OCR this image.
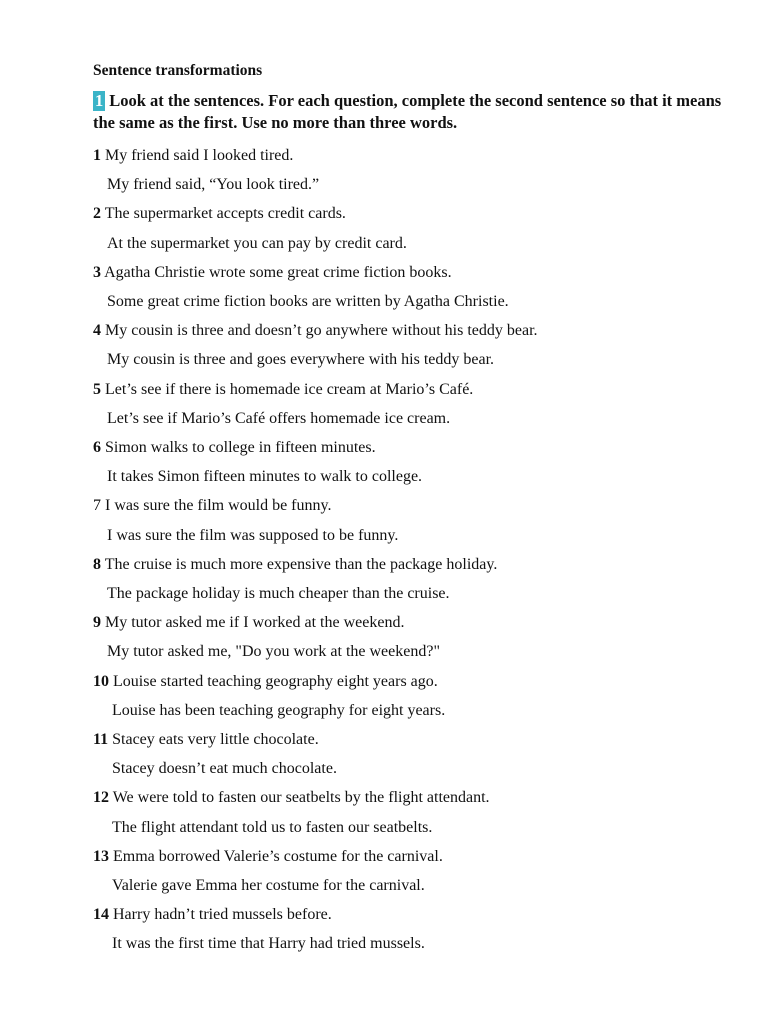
Sentence transformations
1 Look at the sentences. For each question, complete the second sentence so that it means the same as the first. Use no more than three words.
1 My friend said I looked tired.
My friend said, “You look tired.”
2 The supermarket accepts credit cards.
At the supermarket you can pay by credit card.
3 Agatha Christie wrote some great crime fiction books.
Some great crime fiction books are written by Agatha Christie.
4 My cousin is three and doesn’t go anywhere without his teddy bear.
My cousin is three and goes everywhere with his teddy bear.
5 Let’s see if there is homemade ice cream at Mario’s Café.
Let’s see if Mario’s Café offers homemade ice cream.
6 Simon walks to college in fifteen minutes.
It takes Simon fifteen minutes to walk to college.
7 I was sure the film would be funny.
I was sure the film was supposed to be funny.
8 The cruise is much more expensive than the package holiday.
The package holiday is much cheaper than the cruise.
9 My tutor asked me if I worked at the weekend.
My tutor asked me, "Do you work at the weekend?"
10 Louise started teaching geography eight years ago.
Louise has been teaching geography for eight years.
11 Stacey eats very little chocolate.
Stacey doesn’t eat much chocolate.
12 We were told to fasten our seatbelts by the flight attendant.
The flight attendant told us to fasten our seatbelts.
13 Emma borrowed Valerie’s costume for the carnival.
Valerie gave Emma her costume for the carnival.
14 Harry hadn’t tried mussels before.
It was the first time that Harry had tried mussels.
